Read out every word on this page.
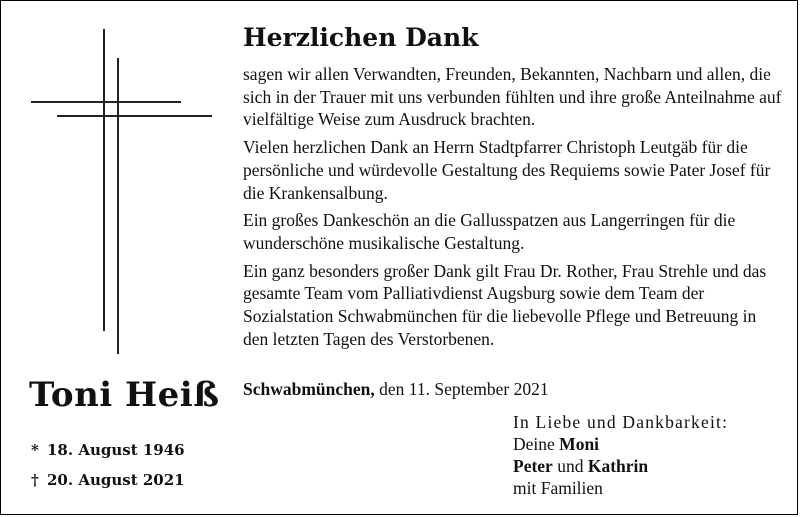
Toni Heiß
* 18. August 1946
† 20. August 2021
Herzlichen Dank

sagen wir allen Verwandten, Freunden, Bekannten, Nachbarn und allen, die sich in der Trauer mit uns verbunden fühlten und ihre große Anteilnahme auf vielfältige Weise zum Ausdruck brachten.

Vielen herzlichen Dank an Herrn Stadtpfarrer Christoph Leutgäb für die persönliche und würdevolle Gestaltung des Requiems sowie Pater Josef für die Krankensalbung.

Ein großes Dankeschön an die Gallusspatzen aus Langerringen für die wunderschöne musikalische Gestaltung.

Ein ganz besonders großer Dank gilt Frau Dr. Rother, Frau Strehle und das gesamte Team vom Palliativdienst Augsburg sowie dem Team der Sozialstation Schwabmünchen für die liebevolle Pflege und Betreuung in den letzten Tagen des Verstorbenen.

Schwabmünchen, den 11. September 2021
In Liebe und Dankbarkeit:
Deine Moni
Peter und Kathrin
mit Familien
